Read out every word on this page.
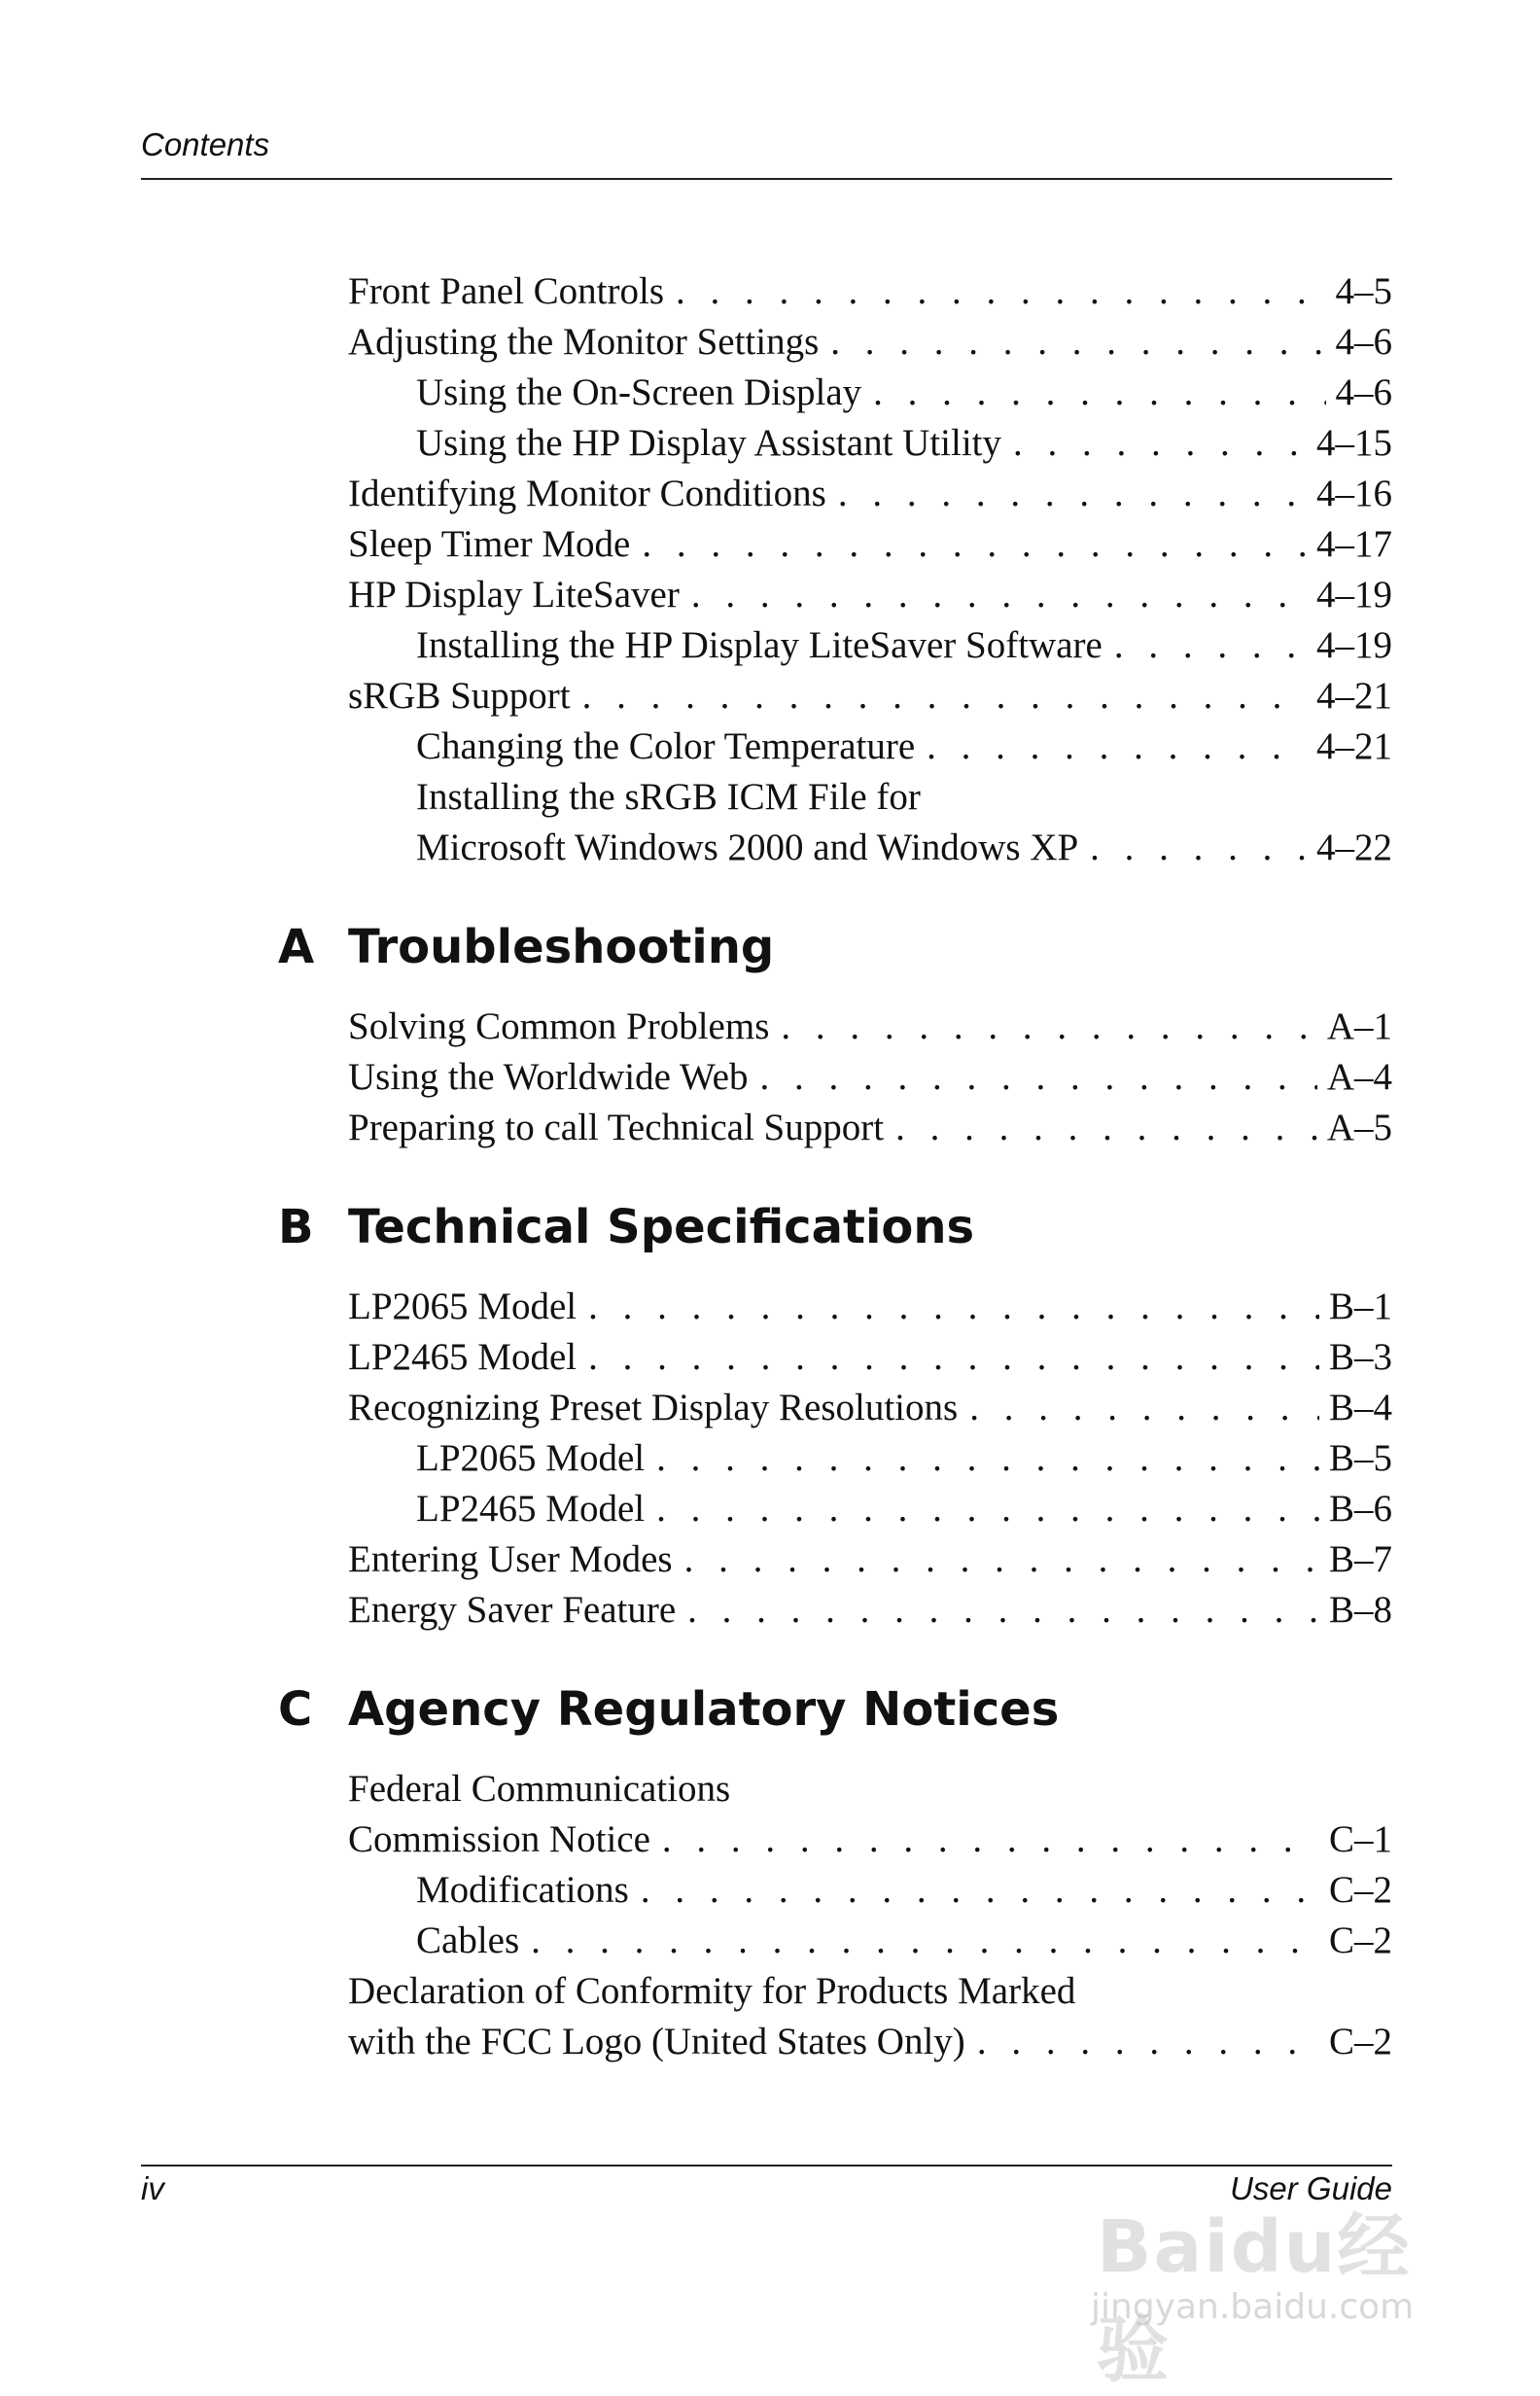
Contents
Front Panel Controls . . .	4–5
Adjusting the Monitor Settings . . .	4–6
Using the On-Screen Display . . .	4–6
Using the HP Display Assistant Utility . . .	4–15
Identifying Monitor Conditions . . .	4–16
Sleep Timer Mode . . .	4–17
HP Display LiteSaver . . .	4–19
Installing the HP Display LiteSaver Software . . .	4–19
sRGB Support . . .	4–21
Changing the Color Temperature . . .	4–21
Installing the sRGB ICM File for
Microsoft Windows 2000 and Windows XP . . .	4–22
A Troubleshooting
Solving Common Problems . . .	A–1
Using the Worldwide Web . . .	A–4
Preparing to call Technical Support . . .	A–5
B Technical Specifications
LP2065 Model . . .	B–1
LP2465 Model . . .	B–3
Recognizing Preset Display Resolutions . . .	B–4
LP2065 Model . . .	B–5
LP2465 Model . . .	B–6
Entering User Modes . . .	B–7
Energy Saver Feature . . .	B–8
C Agency Regulatory Notices
Federal Communications
Commission Notice . . .	C–1
Modifications . . .	C–2
Cables . . .	C–2
Declaration of Conformity for Products Marked
with the FCC Logo (United States Only) . . .	C–2
iv	User Guide
Baidu经验
jingyan.baidu.com
